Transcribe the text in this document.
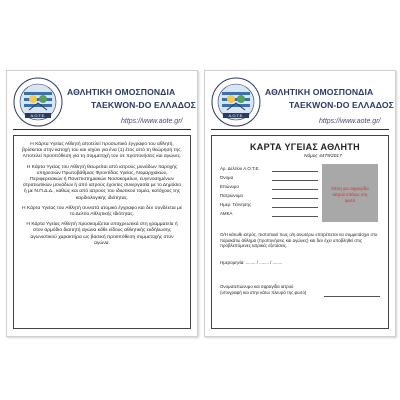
Α.Ο.Τ.Ε.
ΑΘΛΗΤΙΚΗ ΟΜΟΣΠΟΝΔΙΑ
TAEKWON-DO ΕΛΛΑΔΟΣ
https://www.aote.gr/

Η Κάρτα Υγείας Αθλητή αποτελεί προσωπικό έγγραφο του αθλητή, βρίσκεται στην κατοχή του και ισχύει για ένα (1) έτος από τη θεώρησή της. Αποτελεί προϋπόθεση για τη συμμετοχή του σε προπονήσεις και αγώνες.

Η Κάρτα Υγείας του Αθλητή θεωρείται από ιατρούς μονάδων παροχής υπηρεσιών Πρωτοβάθμιας Φροντίδας Υγείας, Νομαρχιακών, Περιφερειακών ή Πανεπιστημιακών Νοσοκομείων, ευγενοσημένων στρατιωτικών μονάδων ή από ιατρούς έχοντες συνεργασία με το Δημόσιο ή με Ν.Π.Δ.Δ., καθώς και από ιατρούς του ιδιωτικού τομέα, κατόχους της καρδιολογικής ιδιότητας.

Η Κάρτα Υγείας του Αθλητή συνιστά ατομικό έγγραφο και δεν συνδέεται με το Δελτίο Αθλητικής Ιδιότητας.

Η Κάρτα Υγείας Αθλητή προσκομίζεται υποχρεωτικά στη γραμματεία ή στον αρμόδιο διαιτητή αγώνα κάθε είδους αθλητικής εκδήλωσης αγωνιστικού χαρακτήρα ως βασική προϋπόθεση συμμετοχής στον αγώνα.

Α.Ο.Τ.Ε.
ΑΘΛΗΤΙΚΗ ΟΜΟΣΠΟΝΔΙΑ
TAEKWON-DO ΕΛΛΑΔΟΣ
https://www.aote.gr/
ΚΑΡΤΑ ΥΓΕΙΑΣ ΑΘΛΗΤΗ
Νόμος 4479/2017
Αρ. Δελτίου Α.Ο.Τ.Ε.
Όνομα
Επώνυμο
Πατρώνυμο
Ημερ. Γέννησης
ΑΜΚΑ
Θέση για σφραγίδα
ιατρού επάνω στη
φωτό
Ο/Η κάτωθι ιατρός, πιστοποιεί πως ο/η ανωτέρω επιτρέπεται να συμμετάσχει στο παρακάτω άθλημα (προπονήσεις και αγώνες) και δεν έχει υποβληθεί στις προβλεπόμενες ιατρικές εξετάσεις.
Ημερομηνία: ........ / ........ / ........
Ονοματεπώνυμο και σφραγίδα ιατρού
(υπογραφή και στην κάτω πλευρά της φωτό)
